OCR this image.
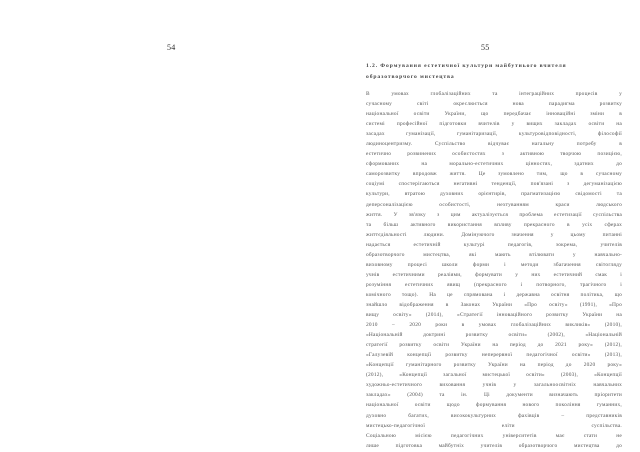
54	55
1.2. Формування естетичної культури майбутнього вчителя
образотворчого мистецтва
В умовах глобалізаційних та інтеграційних процесів у
сучасному світі окреслюється нова парадигма розвитку
національної освіти України, що передбачає інноваційні зміни в
системі професійної підготовки вчителів у вищих закладах освіти на
засадах гуманізації, гуманітаризації, культуровідповідності, філософії
людиноцентризму. Суспільство відчуває нагальну потребу в
естетично розвинених особистостях з активною творчою позицією,
сформованих на морально-естетичних цінностях, здатних до
саморозвитку впродовж життя. Це зумовлено тим, що в сучасному
соціумі спостерігаються негативні тенденції, пов'язані з дегуманізацією
культури, втратою духовних орієнтирів, прагматизацією свідомості та
деперсоналізацією особистості, нехтуванням краси людського
життя. У зв'язку з цим актуалізується проблема естетизації суспільства
та більш активного використання впливу прекрасного в усіх сферах
життєдіяльності людини. Домінуючого значення у цьому питанні
надається естетичній культурі педагогів, зокрема, учителів
образотворчого мистецтва, які мають втілювати у навчально-
виховному процесі школи форми і методи збагачення світогляду
учнів естетичними реаліями, формувати у них естетичний смак і
розуміння естетичних явищ (прекрасного і потворного, трагічного і
комічного тощо). На це спрямована і державна освітня політика, що
знайшло відображення в Законах України «Про освіту» (1991), «Про
вищу освіту» (2014), «Стратегії інноваційного розвитку України на
2010 – 2020 роки в умовах глобалізаційних викликів» (2010),
«Національній доктрині розвитку освіти» (2002), «Національній
стратегії розвитку освіти України на період до 2021 року» (2012),
«Галузевій концепції розвитку неперервної педагогічної освіти» (2013),
«Концепції гуманітарного розвитку України на період до 2020 року»
(2012), «Концепції загальної мистецької освіти» (2003), «Концепції
художньо-естетичного виховання учнів у загальноосвітніх навчальних
закладах» (2004) та ін. Ці документи визначають пріоритети
національної освіти щодо формування нового покоління гуманних,
духовно багатих, висококультурних фахівців – представників
мистецько-педагогічної еліти суспільства.
Соціальною місією педагогічних університетів має стати не
лише підготовка майбутніх учителів образотворчого мистецтва до
